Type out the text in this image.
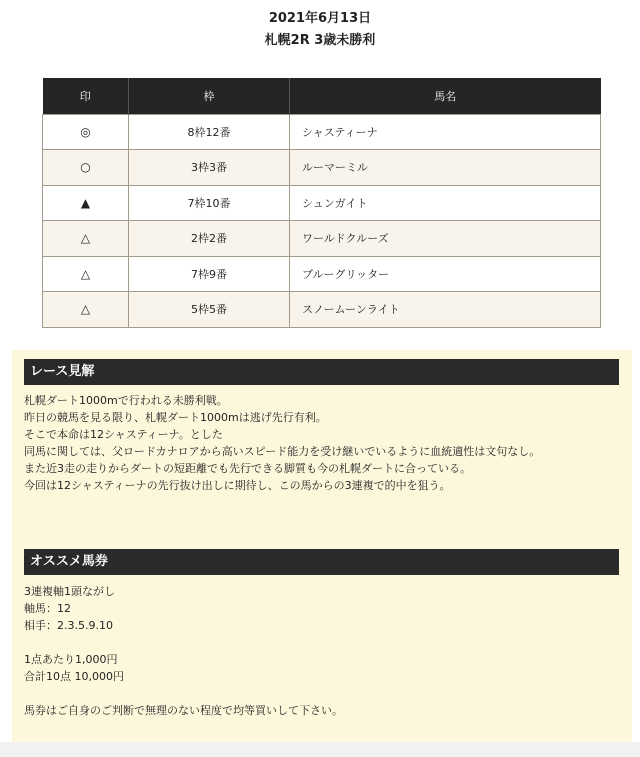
2021年6月13日
札幌2R 3歳未勝利
印	枠	馬名
◎	8枠12番	シャスティーナ
○	3枠3番	ルーマーミル
▲	7枠10番	シュンガイト
△	2枠2番	ワールドクルーズ
△	7枠9番	ブルーグリッター
△	5枠5番	スノームーンライト
レース見解

札幌ダート1000mで行われる未勝利戦。

昨日の競馬を見る限り、札幌ダート1000mは逃げ先行有利。

そこで本命は12シャスティーナ。とした

同馬に関しては、父ロードカナロアから高いスピード能力を受け継いでいるように血統適性は文句なし。

また近3走の走りからダートの短距離でも先行できる脚質も今の札幌ダートに合っている。

今回は12シャスティーナの先行抜け出しに期待し、この馬からの3連複で的中を狙う。

オススメ馬券

3連複軸1頭ながし

軸馬：12

相手：2.3.5.9.10

1点あたり1,000円

合計10点 10,000円

馬券はご自身のご判断で無理のない程度で均等買いして下さい。
